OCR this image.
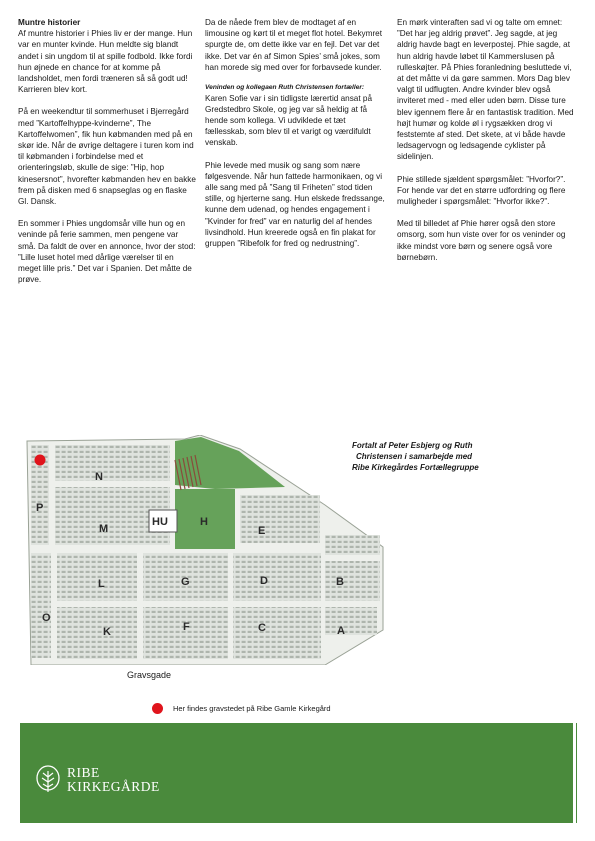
Muntre historier
Af muntre historier i Phies liv er der mange. Hun var en munter kvinde. Hun meldte sig blandt andet i sin ungdom til at spille fodbold. Ikke fordi hun øjnede en chance for at komme på landsholdet, men fordi træneren så så godt ud! Karrieren blev kort.

På en weekendtur til sommerhuset i Bjerregård med ”Kartoffelhyppe-kvinderne”, The Kartoffelwomen”, fik hun købmanden med på en skør ide. Når de øvrige deltagere i turen kom ind til købmanden i forbindelse med et orienteringsløb, skulle de sige: ”Hip, hop kinesersnot”, hvorefter købmanden hev en bakke frem på disken med 6 snapseglas og en flaske Gl. Dansk.

En sommer i Phies ungdomsår ville hun og en veninde på ferie sammen, men pengene var små. Da faldt de over en annonce, hvor der stod: ”Lille luset hotel med dårlige værelser til en meget lille pris.” Det var i Spanien. Det måtte de prøve.

Da de nåede frem blev de modtaget af en limousine og kørt til et meget flot hotel. Bekymret spurgte de, om dette ikke var en fejl. Det var det ikke. Det var én af Simon Spies’ små jokes, som han morede sig med over for forbavsede kunder.

Veninden og kollegaen Ruth Christensen fortæller:
Karen Sofie var i sin tidligste lærertid ansat på Gredstedbro Skole, og jeg var så heldig at få hende som kollega. Vi udviklede et tæt fællesskab, som blev til et varigt og værdifuldt venskab.

Phie levede med musik og sang som nære følgesvende. Når hun fattede harmonikaen, og vi alle sang med på ”Sang til Friheten” stod tiden stille, og hjerterne sang. Hun elskede fredssange, kunne dem udenad, og hendes engagement i ”Kvinder for fred” var en naturlig del af hendes livsindhold. Hun kreerede også en fin plakat for gruppen ”Ribefolk for fred og nedrustning”.

En mørk vinteraften sad vi og talte om emnet: ”Det har jeg aldrig prøvet”. Jeg sagde, at jeg aldrig havde bagt en leverpostej. Phie sagde, at hun aldrig havde løbet til Kammerslusen på rulleskøjter. På Phies foranledning besluttede vi, at det måtte vi da gøre sammen. Mors Dag blev valgt til udflugten. Andre kvinder blev også inviteret med - med eller uden børn. Disse ture blev igennem flere år en fantastisk tradition. Med højt humør og kolde øl i rygsækken drog vi feststemte af sted. Det skete, at vi både havde ledsagervogn og ledsagende cyklister på sidelinjen.

Phie stillede sjældent spørgsmålet: ”Hvorfor?”. For hende var det en større udfordring og flere muligheder i spørgsmålet: ”Hvorfor ikke?”.

Med til billedet af Phie hører også den store omsorg, som hun viste over for os veninder og ikke mindst vore børn og senere også vore børnebørn.

Fortalt af Peter Esbjerg og Ruth
Christensen i samarbejde med
Ribe Kirkegårdes Fortællegruppe
N
P
M
HU	H
E
L	G	D	B
O
K	F	C	A
Gravsgade
Her findes gravstedet på Ribe Gamle Kirkegård
RIBE
KIRKEGÅRDE
